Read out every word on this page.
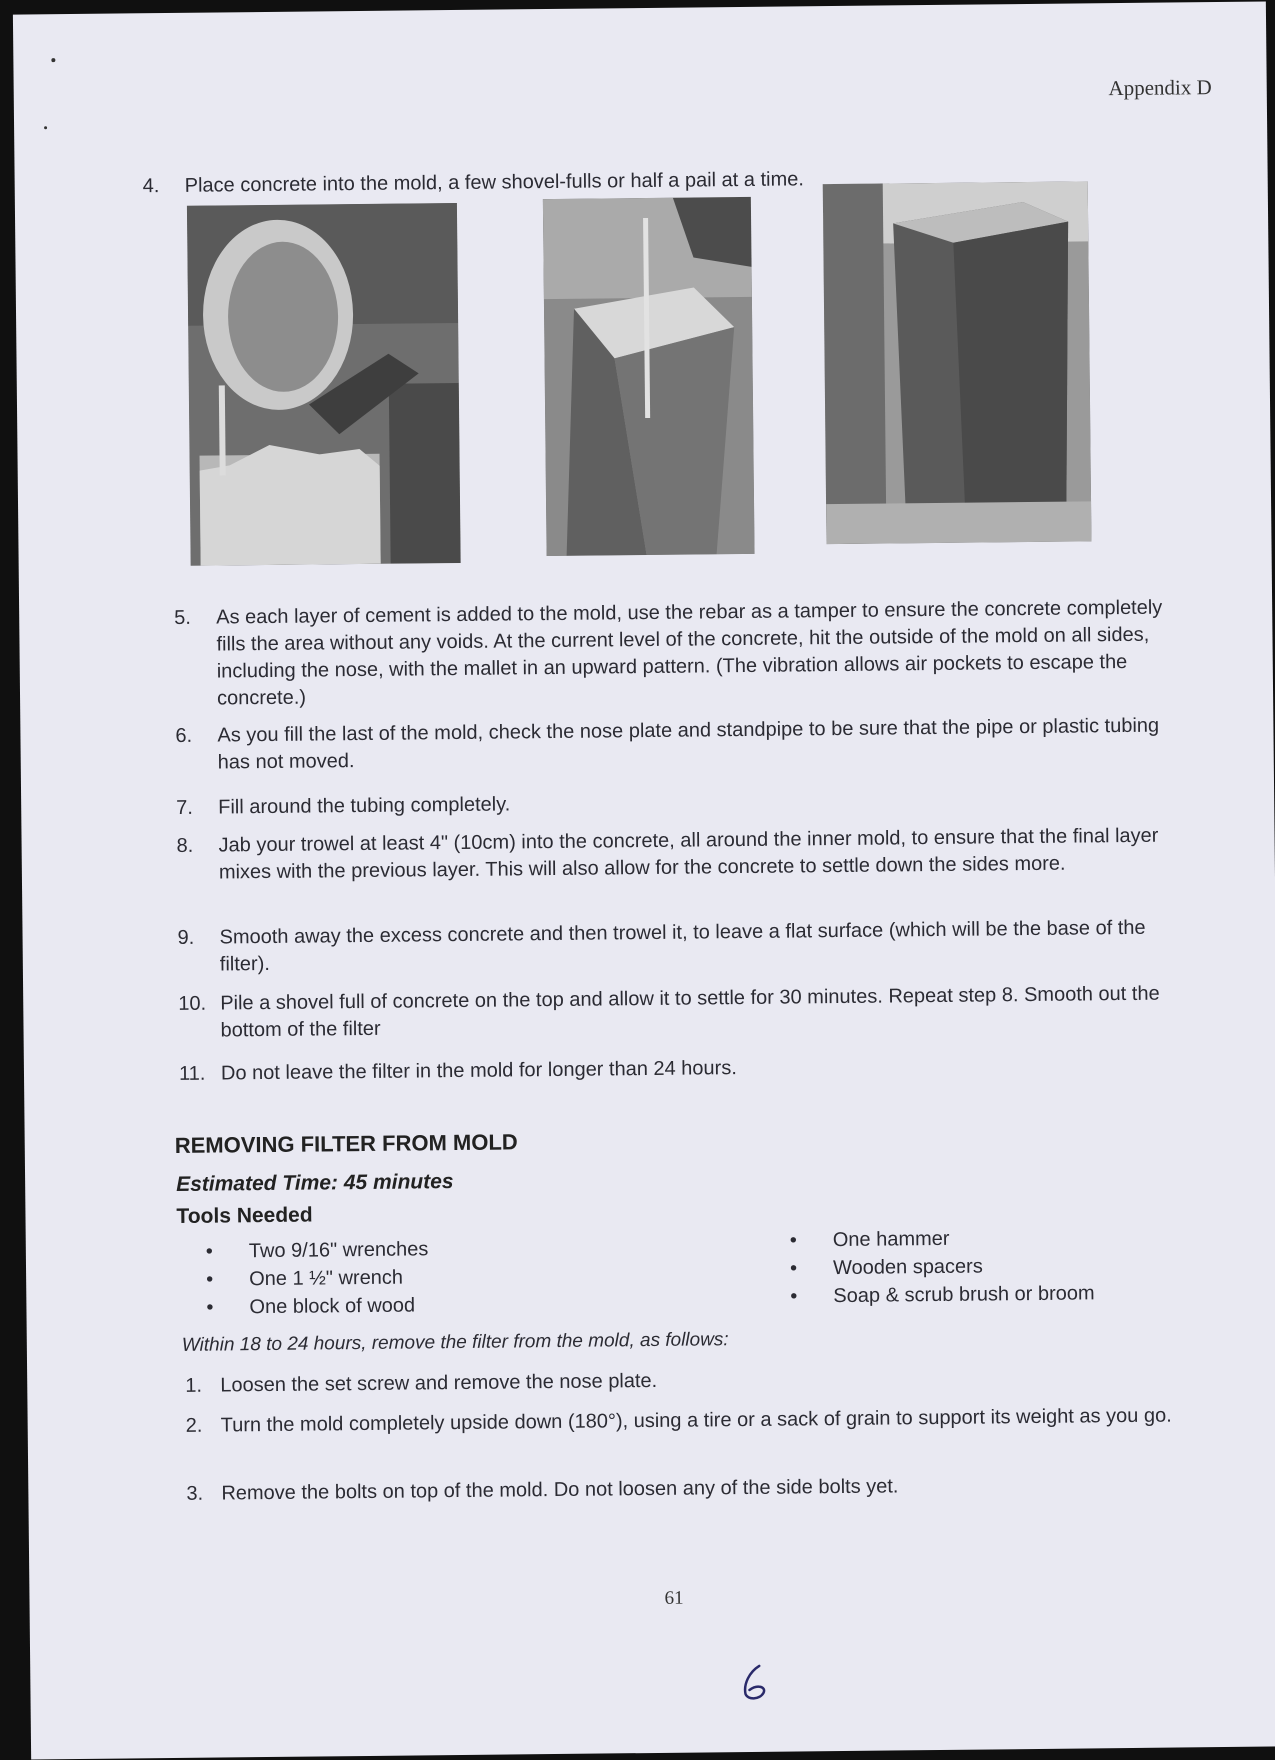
Appendix D
4.	Place concrete into the mold, a few shovel-fulls or half a pail at a time.
5.	As each layer of cement is added to the mold, use the rebar as a tamper to ensure the concrete completely fills the area without any voids. At the current level of the concrete, hit the outside of the mold on all sides, including the nose, with the mallet in an upward pattern. (The vibration allows air pockets to escape the concrete.)
6.	As you fill the last of the mold, check the nose plate and standpipe to be sure that the pipe or plastic tubing has not moved.
7.	Fill around the tubing completely.
8.	Jab your trowel at least 4" (10cm) into the concrete, all around the inner mold, to ensure that the final layer mixes with the previous layer. This will also allow for the concrete to settle down the sides more.
9.	Smooth away the excess concrete and then trowel it, to leave a flat surface (which will be the base of the filter).
10. Pile a shovel full of concrete on the top and allow it to settle for 30 minutes. Repeat step 8. Smooth out the bottom of the filter
11. Do not leave the filter in the mold for longer than 24 hours.
REMOVING FILTER FROM MOLD
Estimated Time: 45 minutes
Tools Needed
• Two 9/16" wrenches
• One 1 ½" wrench
• One block of wood
• One hammer
• Wooden spacers
• Soap & scrub brush or broom
Within 18 to 24 hours, remove the filter from the mold, as follows:
1. Loosen the set screw and remove the nose plate.
2. Turn the mold completely upside down (180°), using a tire or a sack of grain to support its weight as you go.
3. Remove the bolts on top of the mold. Do not loosen any of the side bolts yet.
61
